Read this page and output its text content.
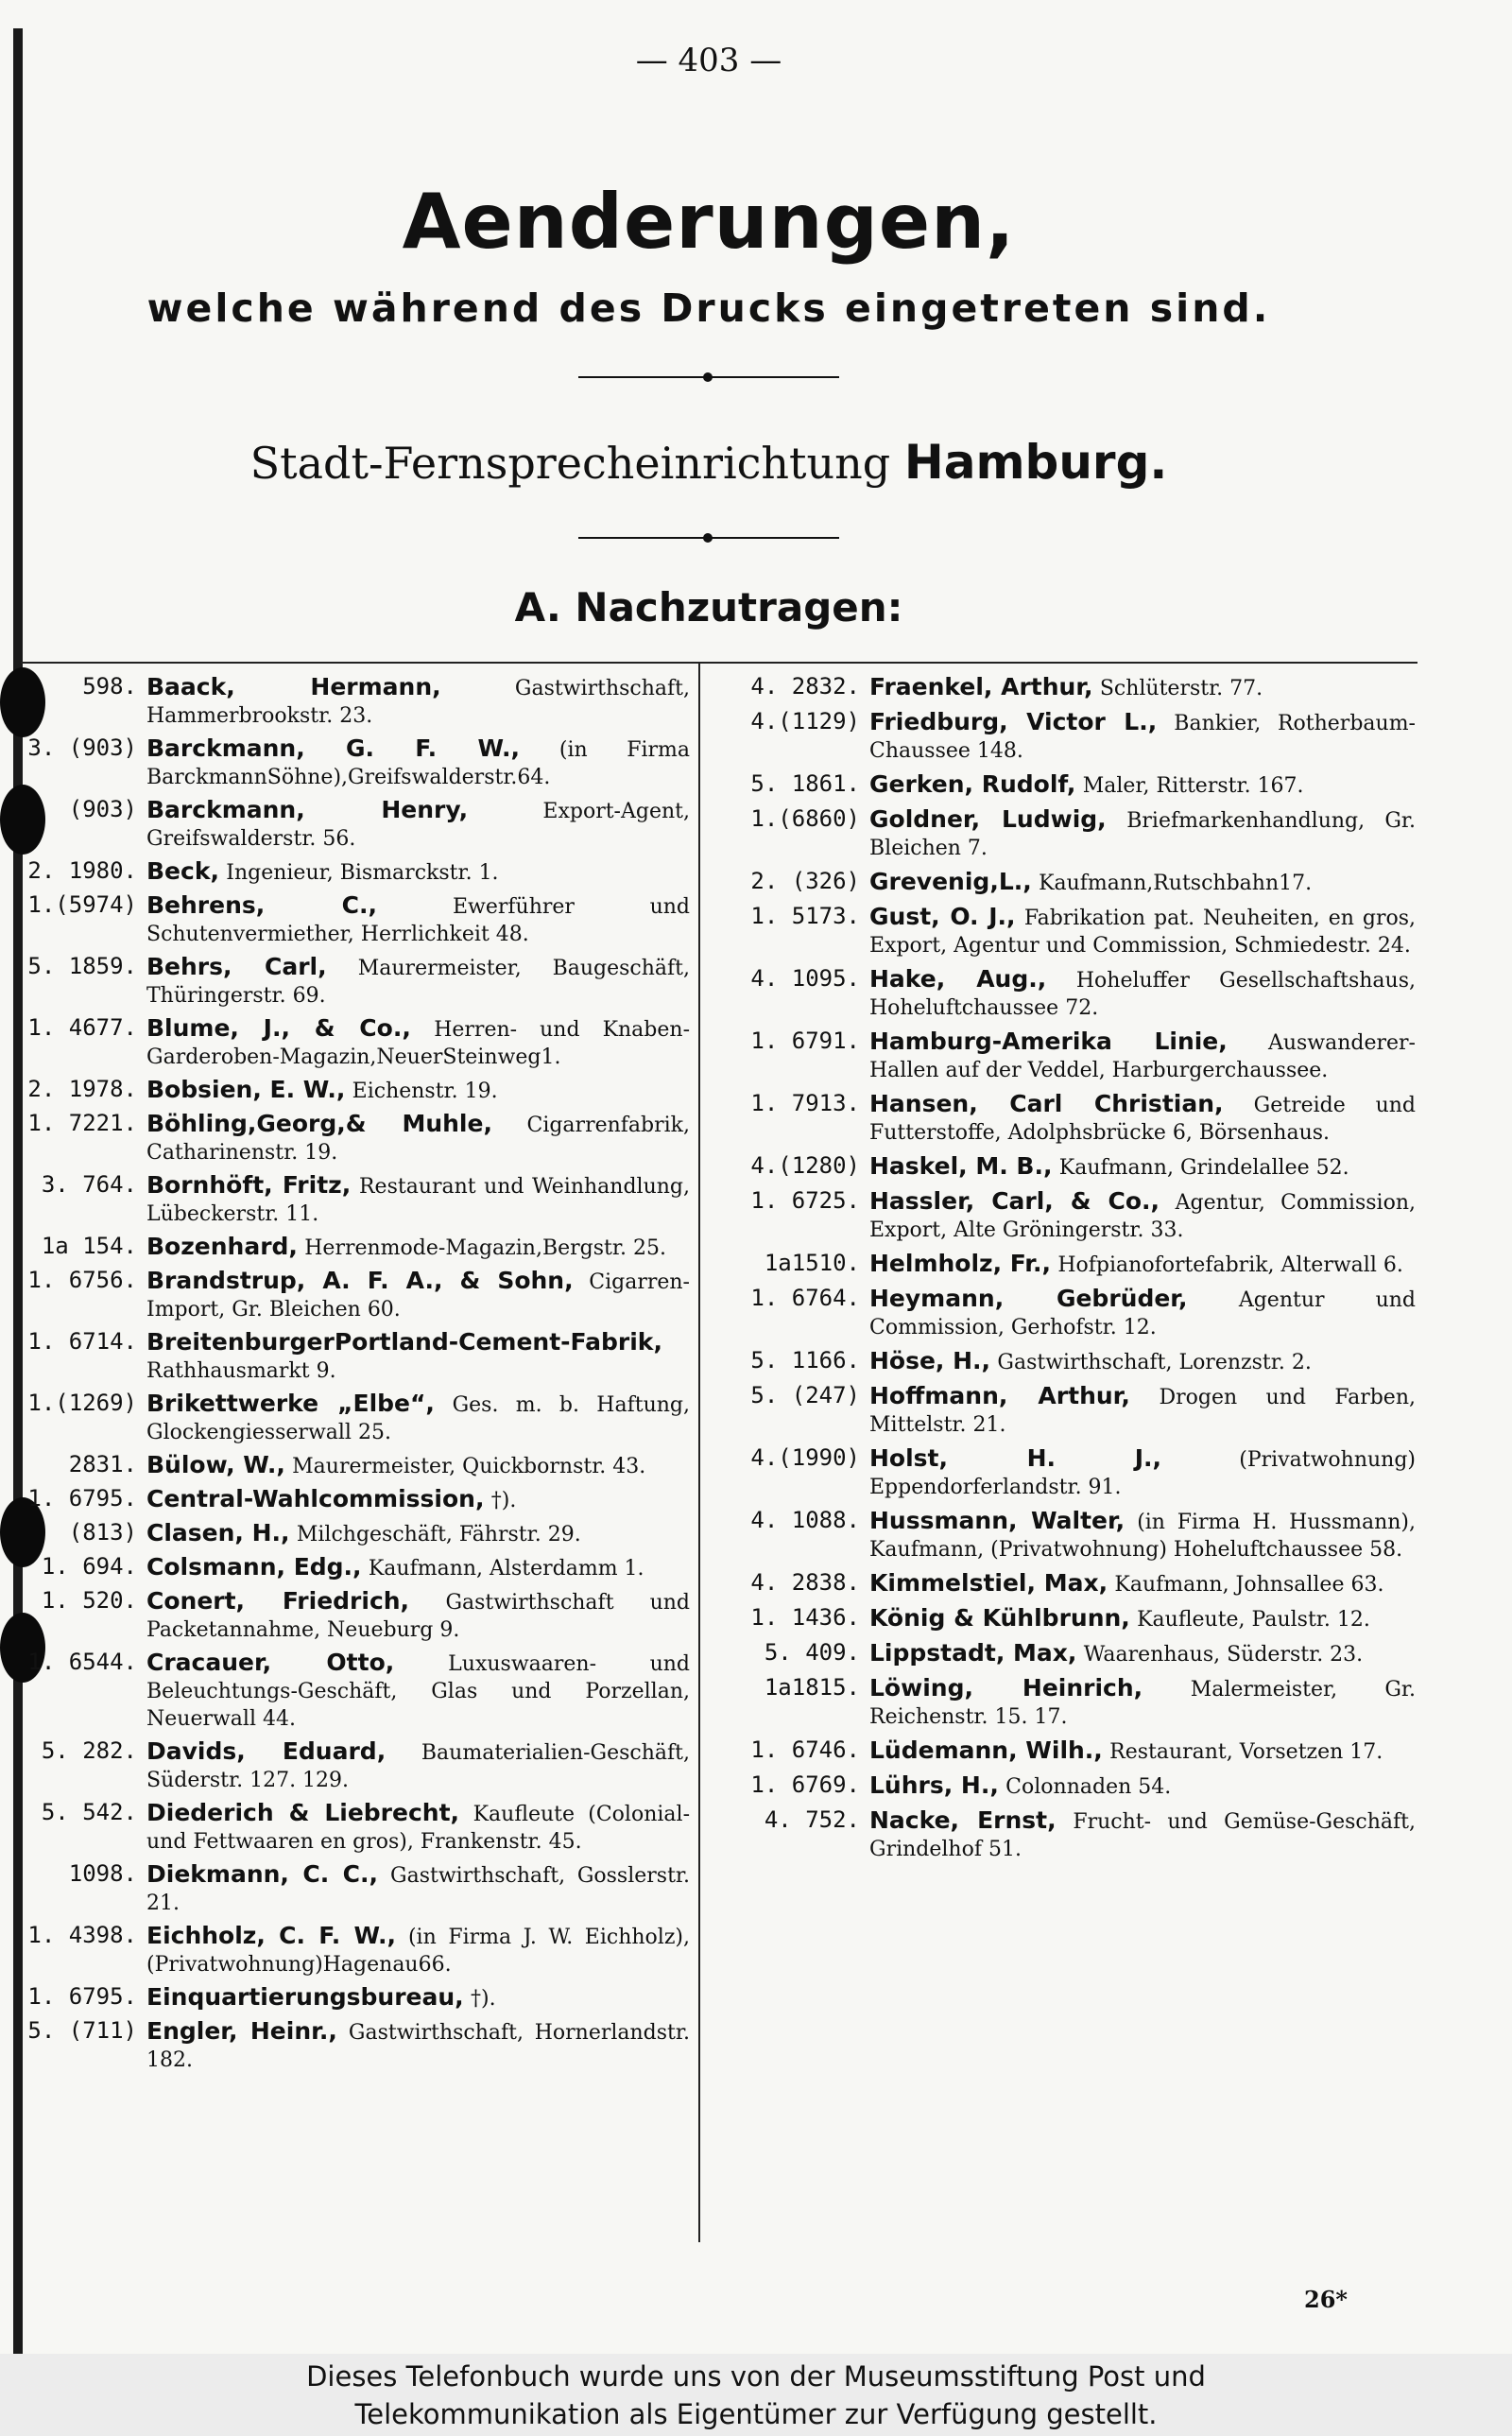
— 403 —
Aenderungen,
welche während des Drucks eingetreten sind.
Stadt-Fernsprecheinrichtung Hamburg.
A. Nachzutragen:
598. Baack, Hermann,	Gastwirthschaft, Hammerbrookstr. 23.
3. (903) Barckmann, G. F. W., (in Firma BarckmannSöhne),Greifswalderstr.64.
(903) Barckmann, Henry,	Export-Agent, Greifswalderstr. 56.
2. 1980. Beck, Ingenieur, Bismarckstr. 1.
1.(5974) Behrens, C.,	Ewerführer und Schutenvermiether, Herrlichkeit 48.
5. 1859. Behrs, Carl, Maurermeister, Baugeschäft, Thüringerstr. 69.
1. 4677. Blume, J., & Co., Herren- und Knaben-Garderoben-Magazin,NeuerSteinweg1.
2. 1978. Bobsien, E. W., Eichenstr. 19.
1. 7221. Böhling,Georg,& Muhle, Cigarrenfabrik, Catharinenstr. 19.
3. 764. Bornhöft, Fritz, Restaurant und Weinhandlung, Lübeckerstr. 11.
1a 154. Bozenhard, Herrenmode-Magazin,Bergstr. 25.
1. 6756. Brandstrup, A. F. A., & Sohn, Cigarren-Import, Gr. Bleichen 60.
1. 6714. BreitenburgerPortland-Cement-Fabrik, Rathhausmarkt 9.
1.(1269) Brikettwerke „Elbe“, Ges. m. b. Haftung, Glockengiesserwall 25.
2831. Bülow, W., Maurermeister, Quickbornstr. 43.
1. 6795. Central-Wahlcommission, †).
(813) Clasen, H., Milchgeschäft, Fährstr. 29.
1. 694. Colsmann, Edg., Kaufmann, Alsterdamm 1.
1. 520. Conert, Friedrich, Gastwirthschaft und Packetannahme, Neueburg 9.
1. 6544. Cracauer, Otto,	Luxuswaaren- und Beleuchtungs-Geschäft, Glas und Porzellan, Neuerwall 44.
5. 282. Davids, Eduard, Baumaterialien-Geschäft, Süderstr. 127. 129.
5. 542. Diederich & Liebrecht, Kaufleute (Colonial- und Fettwaaren en gros), Frankenstr. 45.
1098. Diekmann, C. C., Gastwirthschaft, Gosslerstr. 21.
1. 4398. Eichholz, C. F. W., (in Firma J. W. Eichholz),(Privatwohnung)Hagenau66.
1. 6795. Einquartierungsbureau, †).
5. (711) Engler, Heinr., Gastwirthschaft, Hornerlandstr. 182.
4. 2832. Fraenkel, Arthur, Schlüterstr. 77.
4.(1129) Friedburg, Victor L., Bankier, Rotherbaum-Chaussee 148.
5. 1861. Gerken, Rudolf, Maler, Ritterstr. 167.
1.(6860) Goldner, Ludwig, Briefmarkenhandlung, Gr. Bleichen 7.
2. (326) Grevenig,L., Kaufmann,Rutschbahn17.
1. 5173. Gust, O. J., Fabrikation pat. Neuheiten, en gros, Export, Agentur und Commission, Schmiedestr. 24.
4. 1095. Hake, Aug., Hoheluffer Gesellschaftshaus, Hoheluftchaussee 72.
1. 6791. Hamburg-Amerika Linie, Auswanderer-Hallen auf der Veddel, Harburgerchaussee.
1. 7913. Hansen, Carl Christian, Getreide und Futterstoffe, Adolphsbrücke 6, Börsenhaus.
4.(1280) Haskel, M. B., Kaufmann, Grindelallee 52.
1. 6725. Hassler, Carl, & Co., Agentur, Commission, Export, Alte Gröningerstr. 33.
1a1510. Helmholz, Fr., Hofpianofortefabrik, Alterwall 6.
1. 6764. Heymann, Gebrüder, Agentur und Commission, Gerhofstr. 12.
5. 1166. Höse, H., Gastwirthschaft, Lorenzstr. 2.
5. (247) Hoffmann, Arthur, Drogen und Farben, Mittelstr. 21.
4.(1990) Holst, H. J.,	(Privatwohnung) Eppendorferlandstr. 91.
4. 1088. Hussmann, Walter, (in Firma H. Hussmann), Kaufmann, (Privatwohnung) Hoheluftchaussee 58.
4. 2838. Kimmelstiel, Max, Kaufmann, Johnsallee 63.
1. 1436. König & Kühlbrunn, Kaufleute, Paulstr. 12.
5. 409. Lippstadt, Max, Waarenhaus, Süderstr. 23.
1a1815. Löwing, Heinrich, Malermeister, Gr. Reichenstr. 15. 17.
1. 6746. Lüdemann, Wilh., Restaurant, Vorsetzen 17.
1. 6769. Lührs, H., Colonnaden 54.
4. 752. Nacke, Ernst, Frucht- und Gemüse-Geschäft, Grindelhof 51.
26*
Dieses Telefonbuch wurde uns von der Museumsstiftung Post und
Telekommunikation als Eigentümer zur Verfügung gestellt.
